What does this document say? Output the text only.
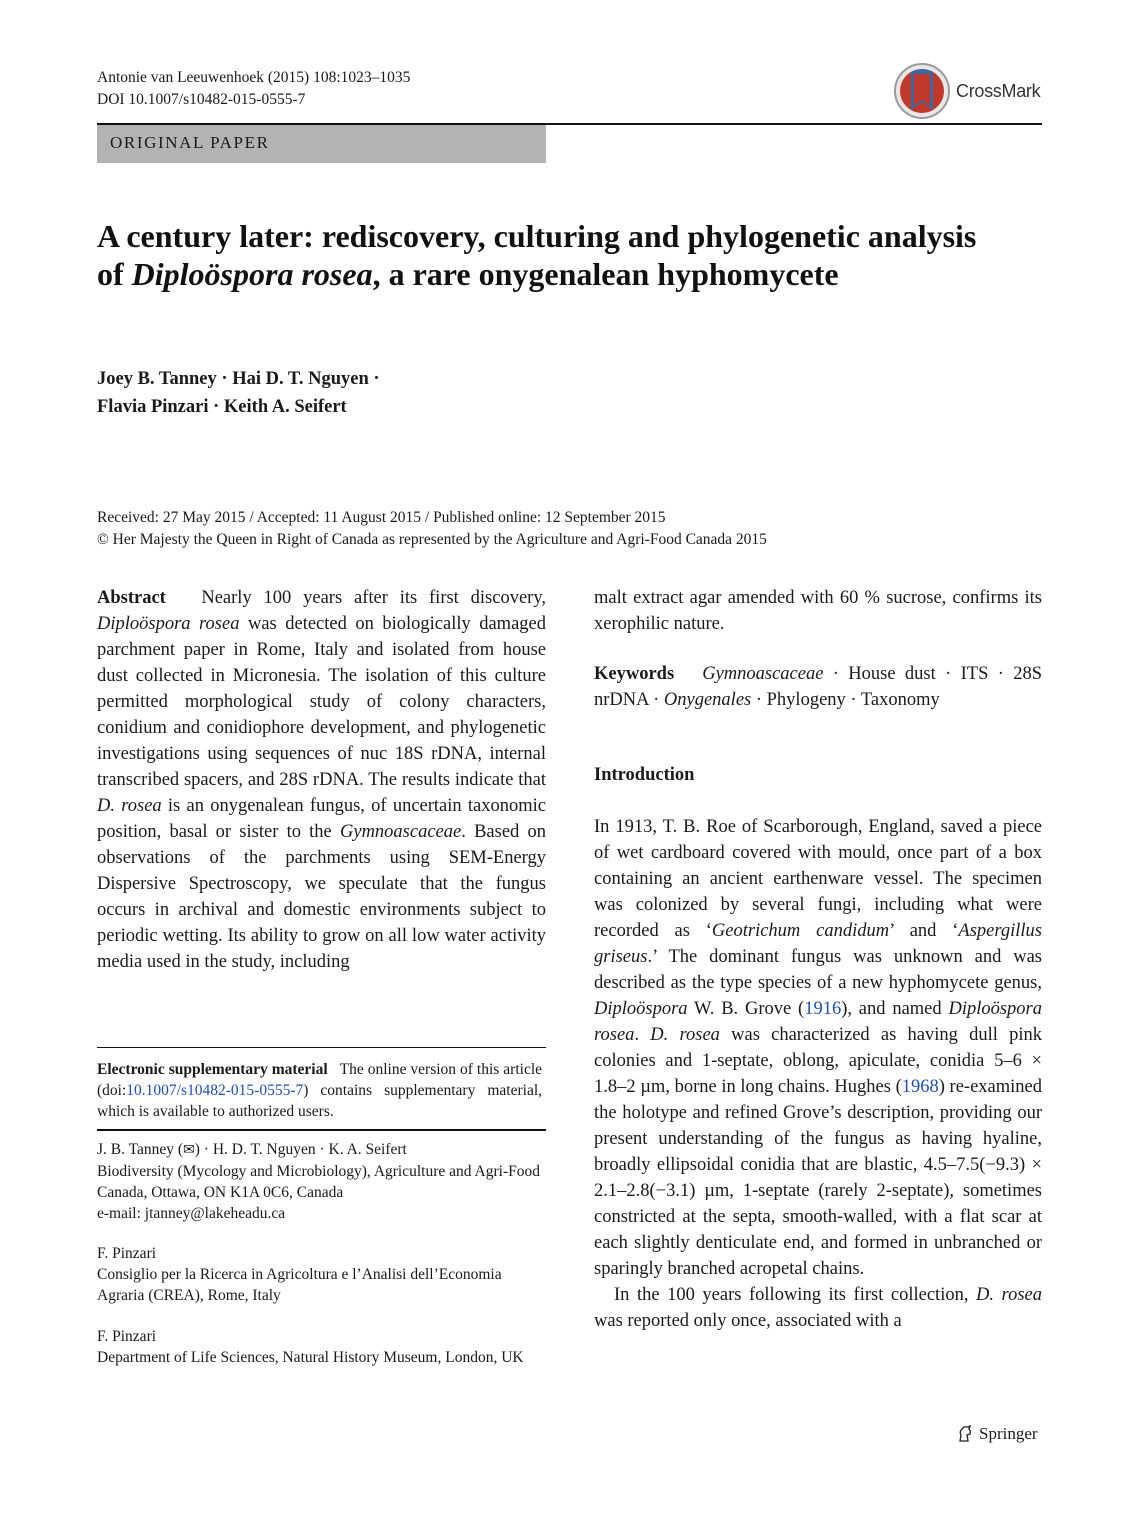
Antonie van Leeuwenhoek (2015) 108:1023–1035
DOI 10.1007/s10482-015-0555-7	CrossMark
ORIGINAL PAPER
A century later: rediscovery, culturing and phylogenetic analysis of Diploöspora rosea, a rare onygenalean hyphomycete
Joey B. Tanney · Hai D. T. Nguyen ·
Flavia Pinzari · Keith A. Seifert
Received: 27 May 2015 / Accepted: 11 August 2015 / Published online: 12 September 2015
© Her Majesty the Queen in Right of Canada as represented by the Agriculture and Agri-Food Canada 2015

Abstract Nearly 100 years after its first discovery, Diploöspora rosea was detected on biologically damaged parchment paper in Rome, Italy and isolated from house dust collected in Micronesia. The isolation of this culture permitted morphological study of colony characters, conidium and conidiophore development, and phylogenetic investigations using sequences of nuc 18S rDNA, internal transcribed spacers, and 28S rDNA. The results indicate that D. rosea is an onygenalean fungus, of uncertain taxonomic position, basal or sister to the Gymnoascaceae. Based on observations of the parchments using SEM-Energy Dispersive Spectroscopy, we speculate that the fungus occurs in archival and domestic environments subject to periodic wetting. Its ability to grow on all low water activity media used in the study, including

Electronic supplementary material The online version of this article (doi:10.1007/s10482-015-0555-7) contains supplementary material, which is available to authorized users.
J. B. Tanney (✉) · H. D. T. Nguyen · K. A. Seifert
Biodiversity (Mycology and Microbiology), Agriculture and Agri-Food Canada, Ottawa, ON K1A 0C6, Canada
e-mail: jtanney@lakeheadu.ca
F. Pinzari
Consiglio per la Ricerca in Agricoltura e l’Analisi dell’Economia Agraria (CREA), Rome, Italy
F. Pinzari
Department of Life Sciences, Natural History Museum, London, UK

malt extract agar amended with 60 % sucrose, confirms its xerophilic nature.

Keywords Gymnoascaceae · House dust · ITS · 28S nrDNA · Onygenales · Phylogeny · Taxonomy

Introduction

In 1913, T. B. Roe of Scarborough, England, saved a piece of wet cardboard covered with mould, once part of a box containing an ancient earthenware vessel. The specimen was colonized by several fungi, including what were recorded as ‘Geotrichum candidum’ and ‘Aspergillus griseus.’ The dominant fungus was unknown and was described as the type species of a new hyphomycete genus, Diploöspora W. B. Grove (1916), and named Diploöspora rosea. D. rosea was characterized as having dull pink colonies and 1-septate, oblong, apiculate, conidia 5–6 × 1.8–2 µm, borne in long chains. Hughes (1968) re-examined the holotype and refined Grove’s description, providing our present understanding of the fungus as having hyaline, broadly ellipsoidal conidia that are blastic, 4.5–7.5(−9.3) × 2.1–2.8(−3.1) µm, 1-septate (rarely 2-septate), sometimes constricted at the septa, smooth-walled, with a flat scar at each slightly denticulate end, and formed in unbranched or sparingly branched acropetal chains.

In the 100 years following its first collection, D. rosea was reported only once, associated with a

Springer
